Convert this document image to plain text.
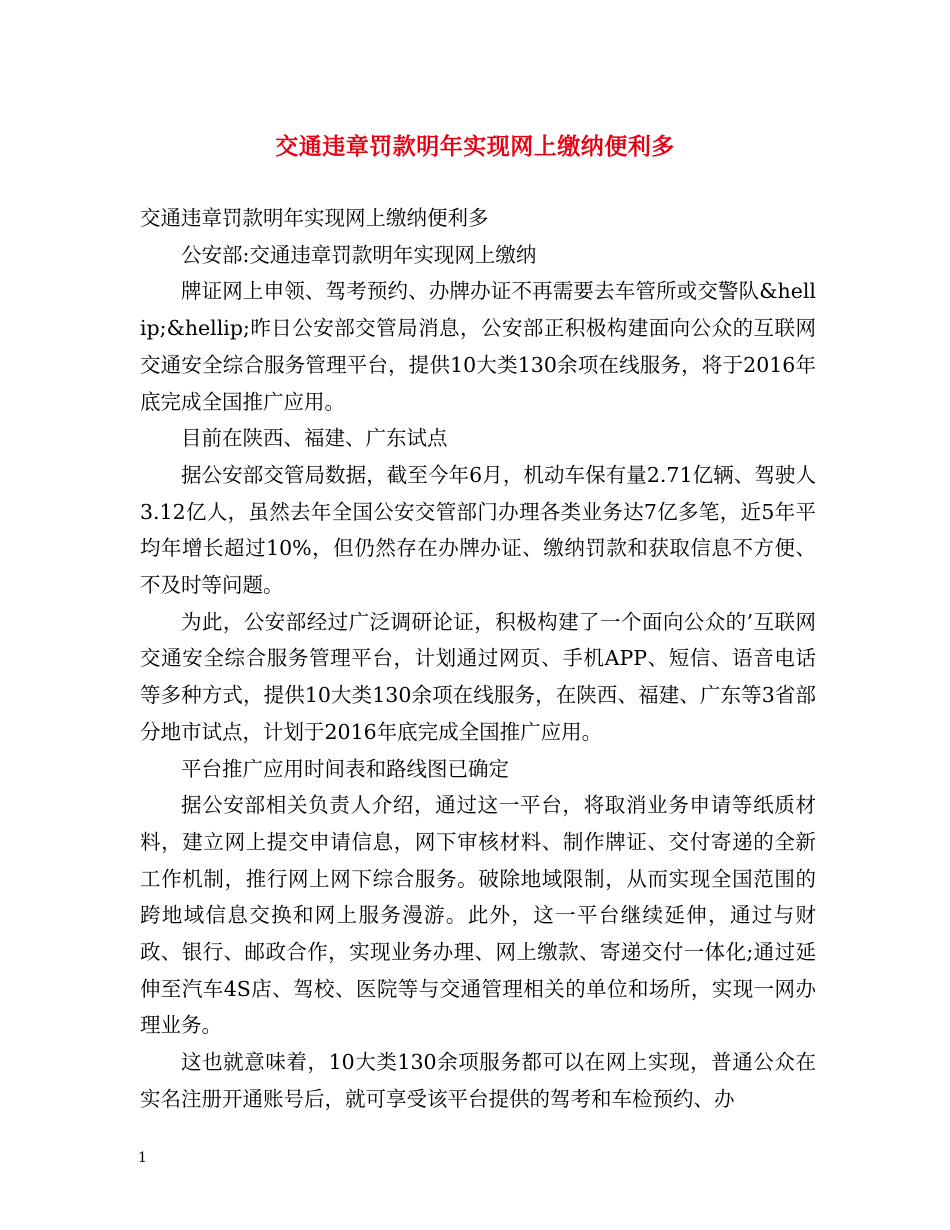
交通违章罚款明年实现网上缴纳便利多

交通违章罚款明年实现网上缴纳便利多

公安部:交通违章罚款明年实现网上缴纳

牌证网上申领、驾考预约、办牌办证不再需要去车管所或交警队&hellip;&hellip;昨日公安部交管局消息，公安部正积极构建面向公众的互联网交通安全综合服务管理平台，提供10大类130余项在线服务，将于2016年底完成全国推广应用。

目前在陕西、福建、广东试点

据公安部交管局数据，截至今年6月，机动车保有量2.71亿辆、驾驶人3.12亿人，虽然去年全国公安交管部门办理各类业务达7亿多笔，近5年平均年增长超过10%，但仍然存在办牌办证、缴纳罚款和获取信息不方便、不及时等问题。

为此，公安部经过广泛调研论证，积极构建了一个面向公众的’互联网交通安全综合服务管理平台，计划通过网页、手机APP、短信、语音电话等多种方式，提供10大类130余项在线服务，在陕西、福建、广东等3省部分地市试点，计划于2016年底完成全国推广应用。

平台推广应用时间表和路线图已确定

据公安部相关负责人介绍，通过这一平台，将取消业务申请等纸质材料，建立网上提交申请信息，网下审核材料、制作牌证、交付寄递的全新工作机制，推行网上网下综合服务。破除地域限制，从而实现全国范围的跨地域信息交换和网上服务漫游。此外，这一平台继续延伸，通过与财政、银行、邮政合作，实现业务办理、网上缴款、寄递交付一体化;通过延伸至汽车4S店、驾校、医院等与交通管理相关的单位和场所，实现一网办理业务。

这也就意味着，10大类130余项服务都可以在网上实现，普通公众在实名注册开通账号后，就可享受该平台提供的驾考和车检预约、办

1
